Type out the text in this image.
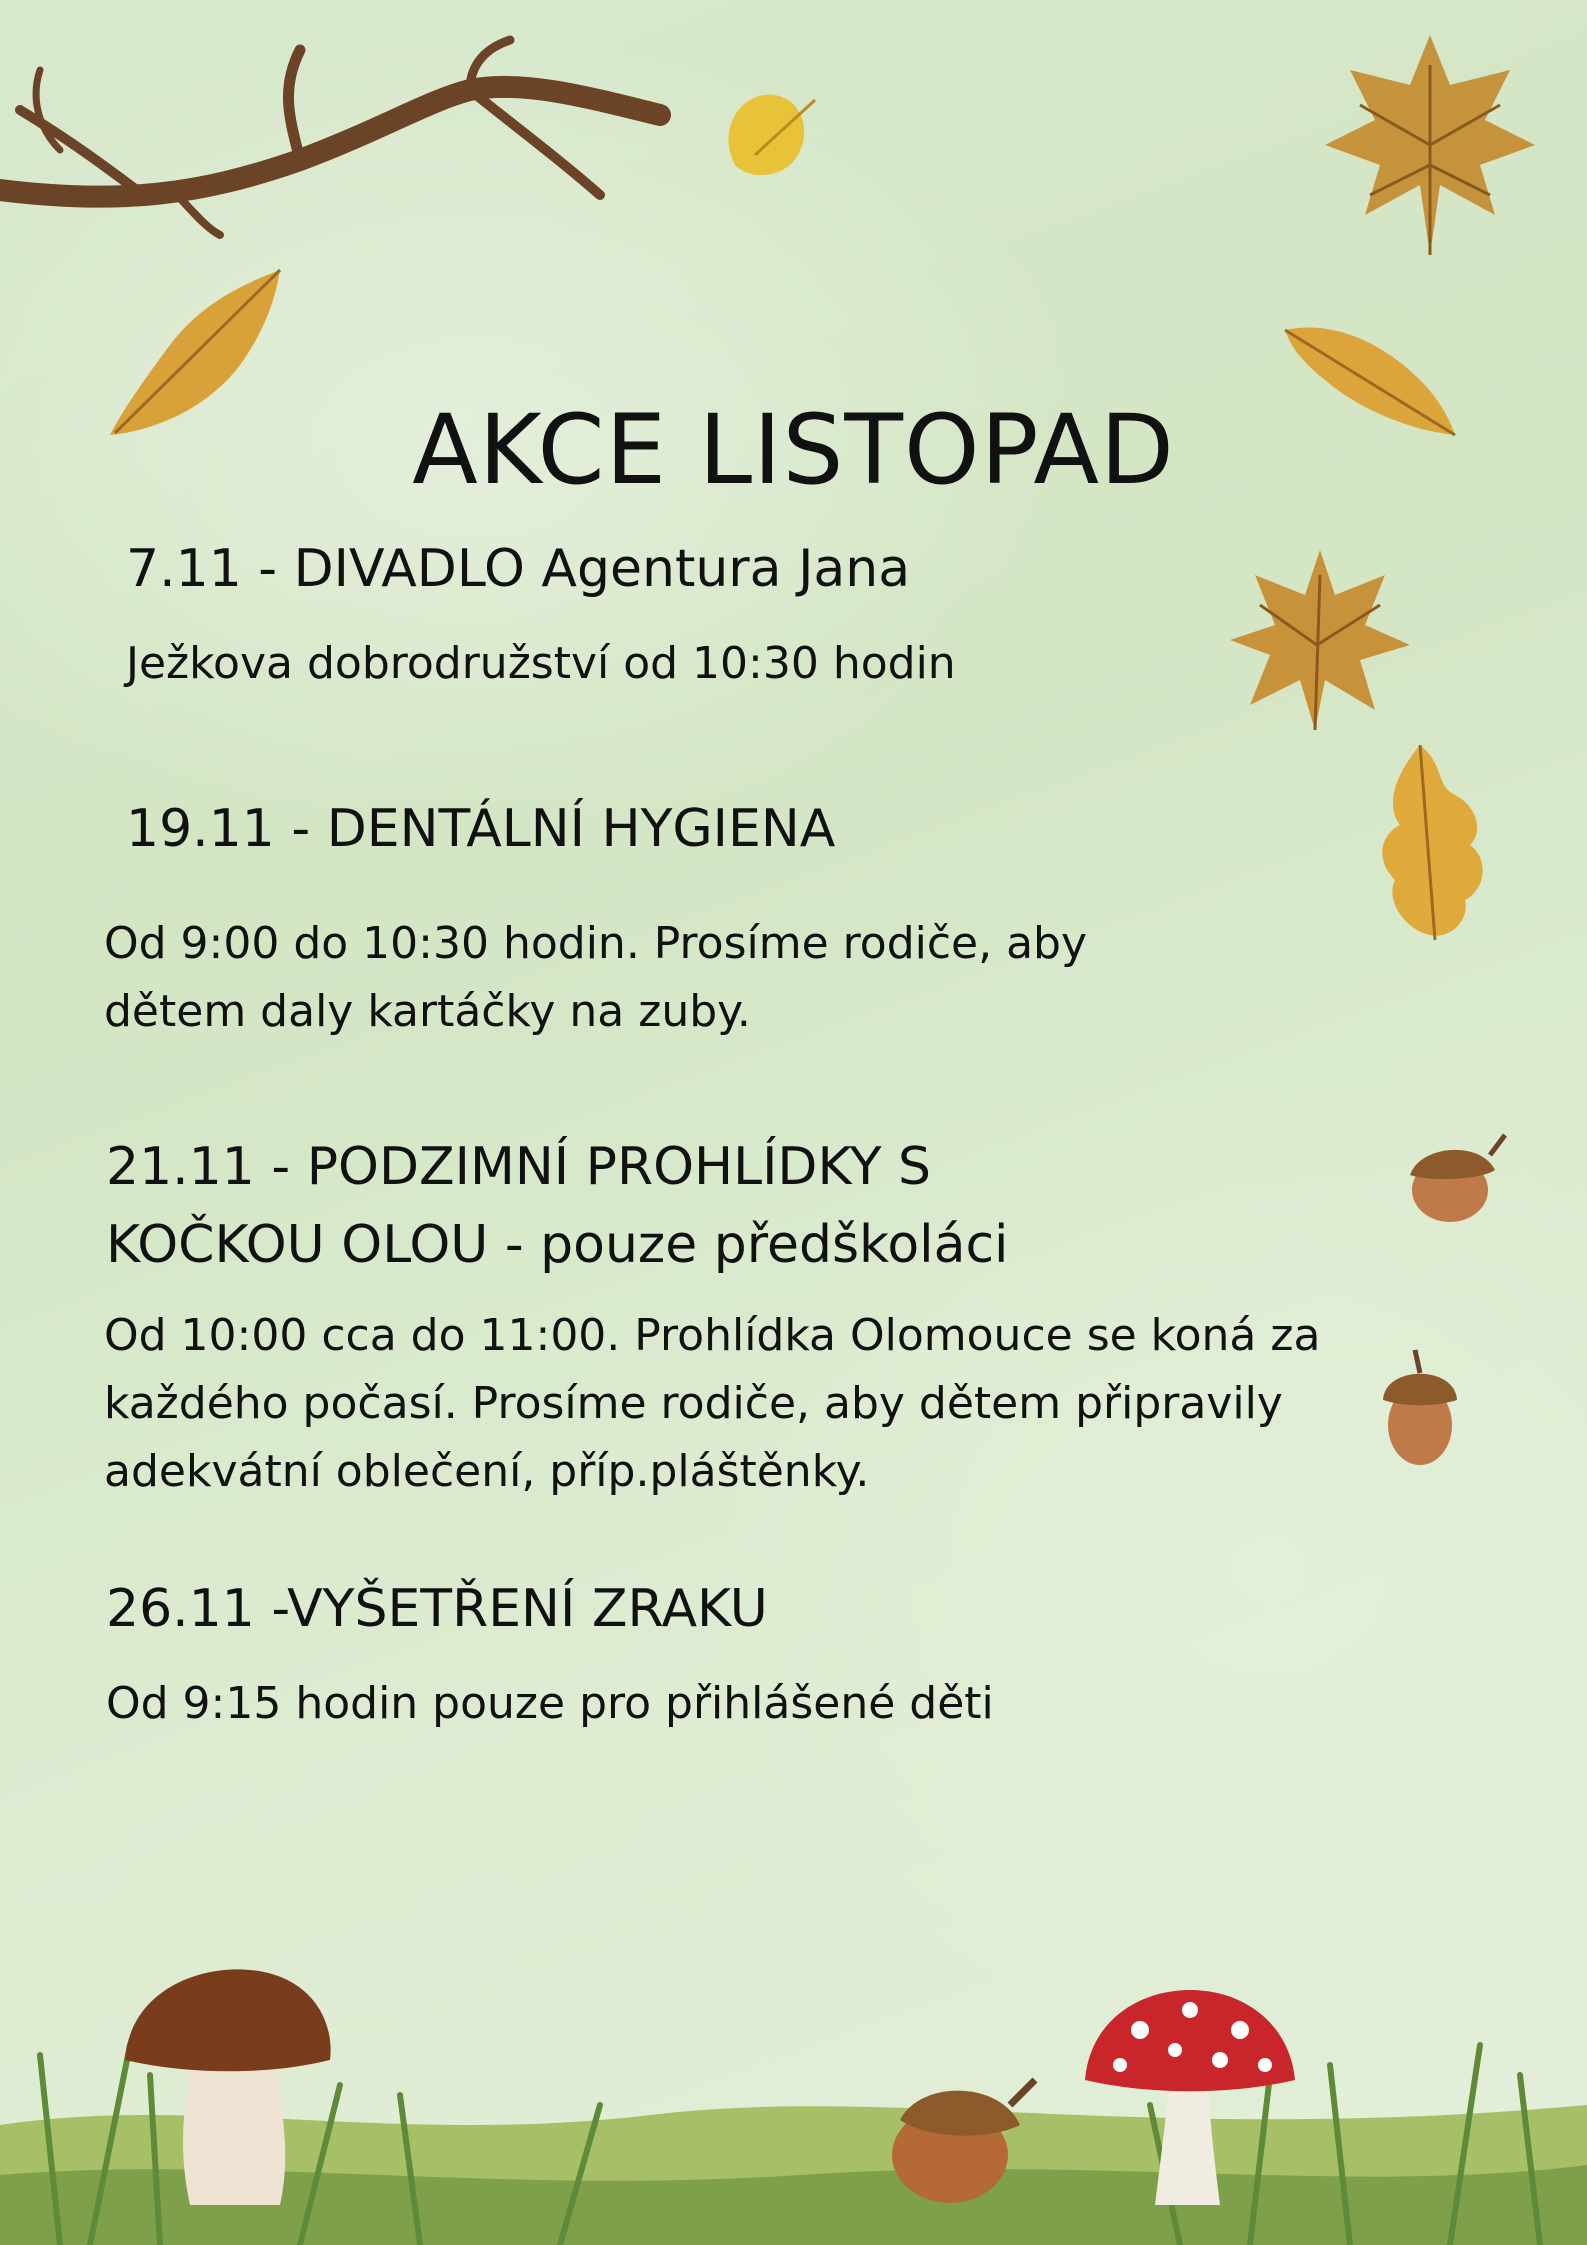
AKCE LISTOPAD
7.11 - DIVADLO Agentura Jana

Ježkova dobrodružství od 10:30 hodin

19.11 - DENTÁLNÍ HYGIENA

Od 9:00 do 10:30 hodin. Prosíme rodiče, aby

dětem daly kartáčky na zuby.

21.11 - PODZIMNÍ PROHLÍDKY S
KOČKOU OLOU - pouze předškoláci

Od 10:00 cca do 11:00. Prohlídka Olomouce se koná za

každého počasí. Prosíme rodiče, aby dětem připravily

adekvátní oblečení, příp.pláštěnky.

26.11 -VYŠETŘENÍ ZRAKU

Od 9:15 hodin pouze pro přihlášené děti
